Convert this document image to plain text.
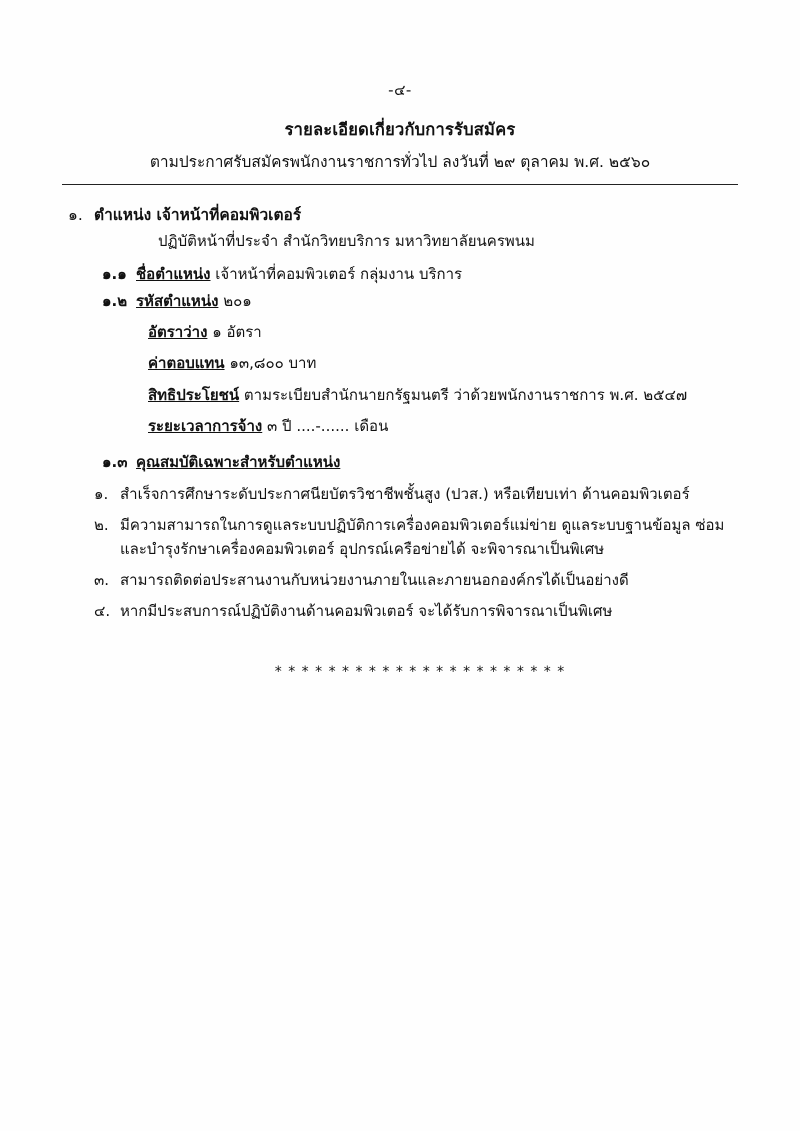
-๔-
รายละเอียดเกี่ยวกับการรับสมัคร
ตามประกาศรับสมัครพนักงานราชการทั่วไป ลงวันที่ ๒๙ ตุลาคม พ.ศ. ๒๕๖๐
๑. ตำแหน่ง เจ้าหน้าที่คอมพิวเตอร์
ปฏิบัติหน้าที่ประจำ สำนักวิทยบริการ มหาวิทยาลัยนครพนม
๑.๑ ชื่อตำแหน่ง เจ้าหน้าที่คอมพิวเตอร์ กลุ่มงาน บริการ
๑.๒ รหัสตำแหน่ง ๒๐๑
อัตราว่าง ๑ อัตรา
ค่าตอบแทน ๑๓,๘๐๐ บาท
สิทธิประโยชน์ ตามระเบียบสำนักนายกรัฐมนตรี ว่าด้วยพนักงานราชการ พ.ศ. ๒๕๔๗
ระยะเวลาการจ้าง ๓ ปี ....-...... เดือน
๑.๓ คุณสมบัติเฉพาะสำหรับตำแหน่ง
๑. สำเร็จการศึกษาระดับประกาศนียบัตรวิชาชีพชั้นสูง (ปวส.) หรือเทียบเท่า ด้านคอมพิวเตอร์
๒. มีความสามารถในการดูแลระบบปฏิบัติการเครื่องคอมพิวเตอร์แม่ข่าย ดูแลระบบฐานข้อมูล ซ่อมและบำรุงรักษาเครื่องคอมพิวเตอร์ อุปกรณ์เครือข่ายได้ จะพิจารณาเป็นพิเศษ
๓. สามารถติดต่อประสานงานกับหน่วยงานภายในและภายนอกองค์กรได้เป็นอย่างดี
๔. หากมีประสบการณ์ปฏิบัติงานด้านคอมพิวเตอร์ จะได้รับการพิจารณาเป็นพิเศษ
* * * * * * * * * * * * * * * * * * * * * *
